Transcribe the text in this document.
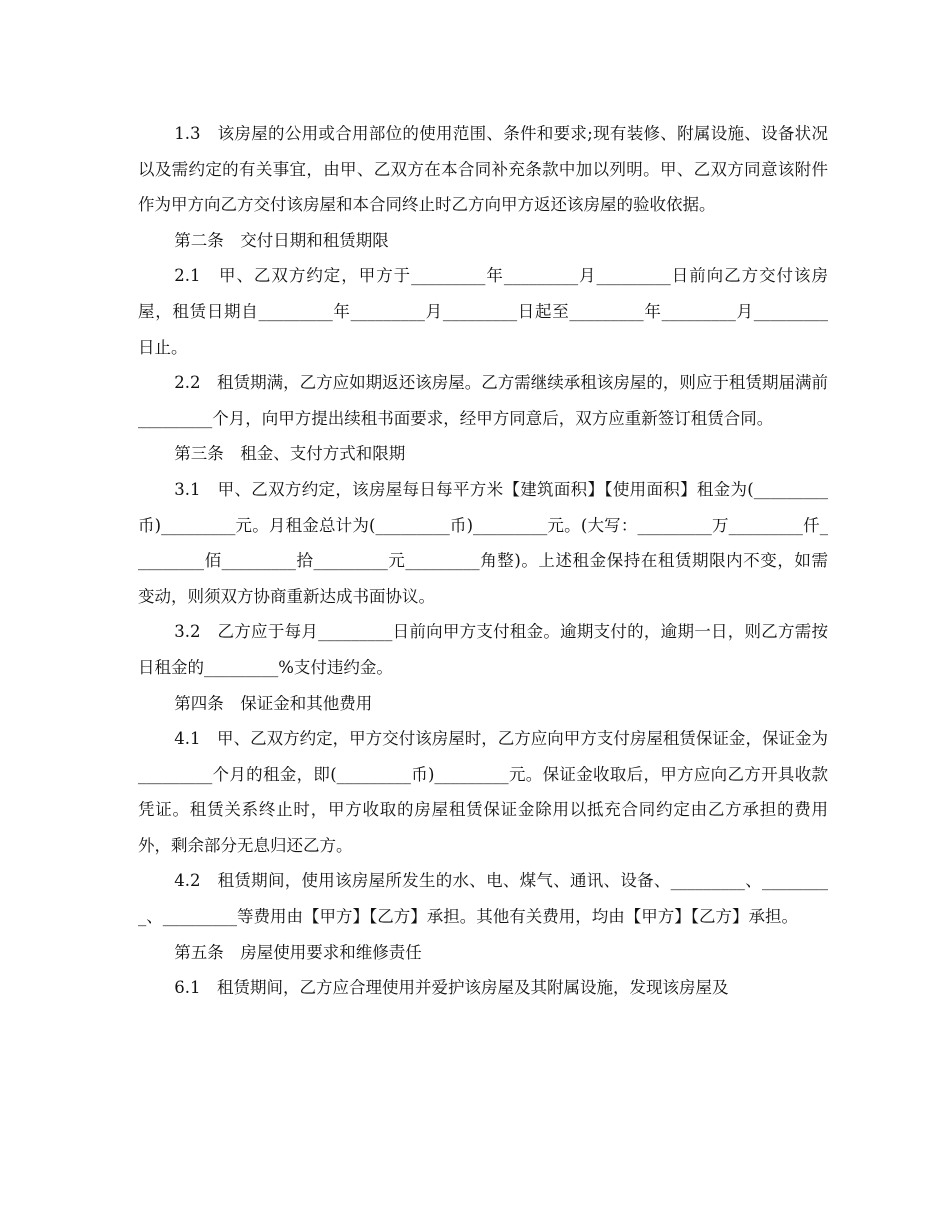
1.3　该房屋的公用或合用部位的使用范围、条件和要求;现有装修、附属设施、设备状况以及需约定的有关事宜，由甲、乙双方在本合同补充条款中加以列明。甲、乙双方同意该附件作为甲方向乙方交付该房屋和本合同终止时乙方向甲方返还该房屋的验收依据。

第二条　交付日期和租赁期限

2.1　甲、乙双方约定，甲方于_________年_________月_________日前向乙方交付该房屋，租赁日期自_________年_________月_________日起至_________年_________月_________日止。

2.2　租赁期满，乙方应如期返还该房屋。乙方需继续承租该房屋的，则应于租赁期届满前_________个月，向甲方提出续租书面要求，经甲方同意后，双方应重新签订租赁合同。

第三条　租金、支付方式和限期

3.1　甲、乙双方约定，该房屋每日每平方米【建筑面积】【使用面积】租金为(_________币)_________元。月租金总计为(_________币)_________元。(大写：_________万_________仟_________佰_________拾_________元_________角整)。上述租金保持在租赁期限内不变，如需变动，则须双方协商重新达成书面协议。

3.2　乙方应于每月_________日前向甲方支付租金。逾期支付的，逾期一日，则乙方需按日租金的_________%支付违约金。

第四条　保证金和其他费用

4.1　甲、乙双方约定，甲方交付该房屋时，乙方应向甲方支付房屋租赁保证金，保证金为_________个月的租金，即(_________币)_________元。保证金收取后，甲方应向乙方开具收款凭证。租赁关系终止时，甲方收取的房屋租赁保证金除用以抵充合同约定由乙方承担的费用外，剩余部分无息归还乙方。

4.2　租赁期间，使用该房屋所发生的水、电、煤气、通讯、设备、_________、_________、_________等费用由【甲方】【乙方】承担。其他有关费用，均由【甲方】【乙方】承担。

第五条　房屋使用要求和维修责任

6.1　租赁期间，乙方应合理使用并爱护该房屋及其附属设施，发现该房屋及
